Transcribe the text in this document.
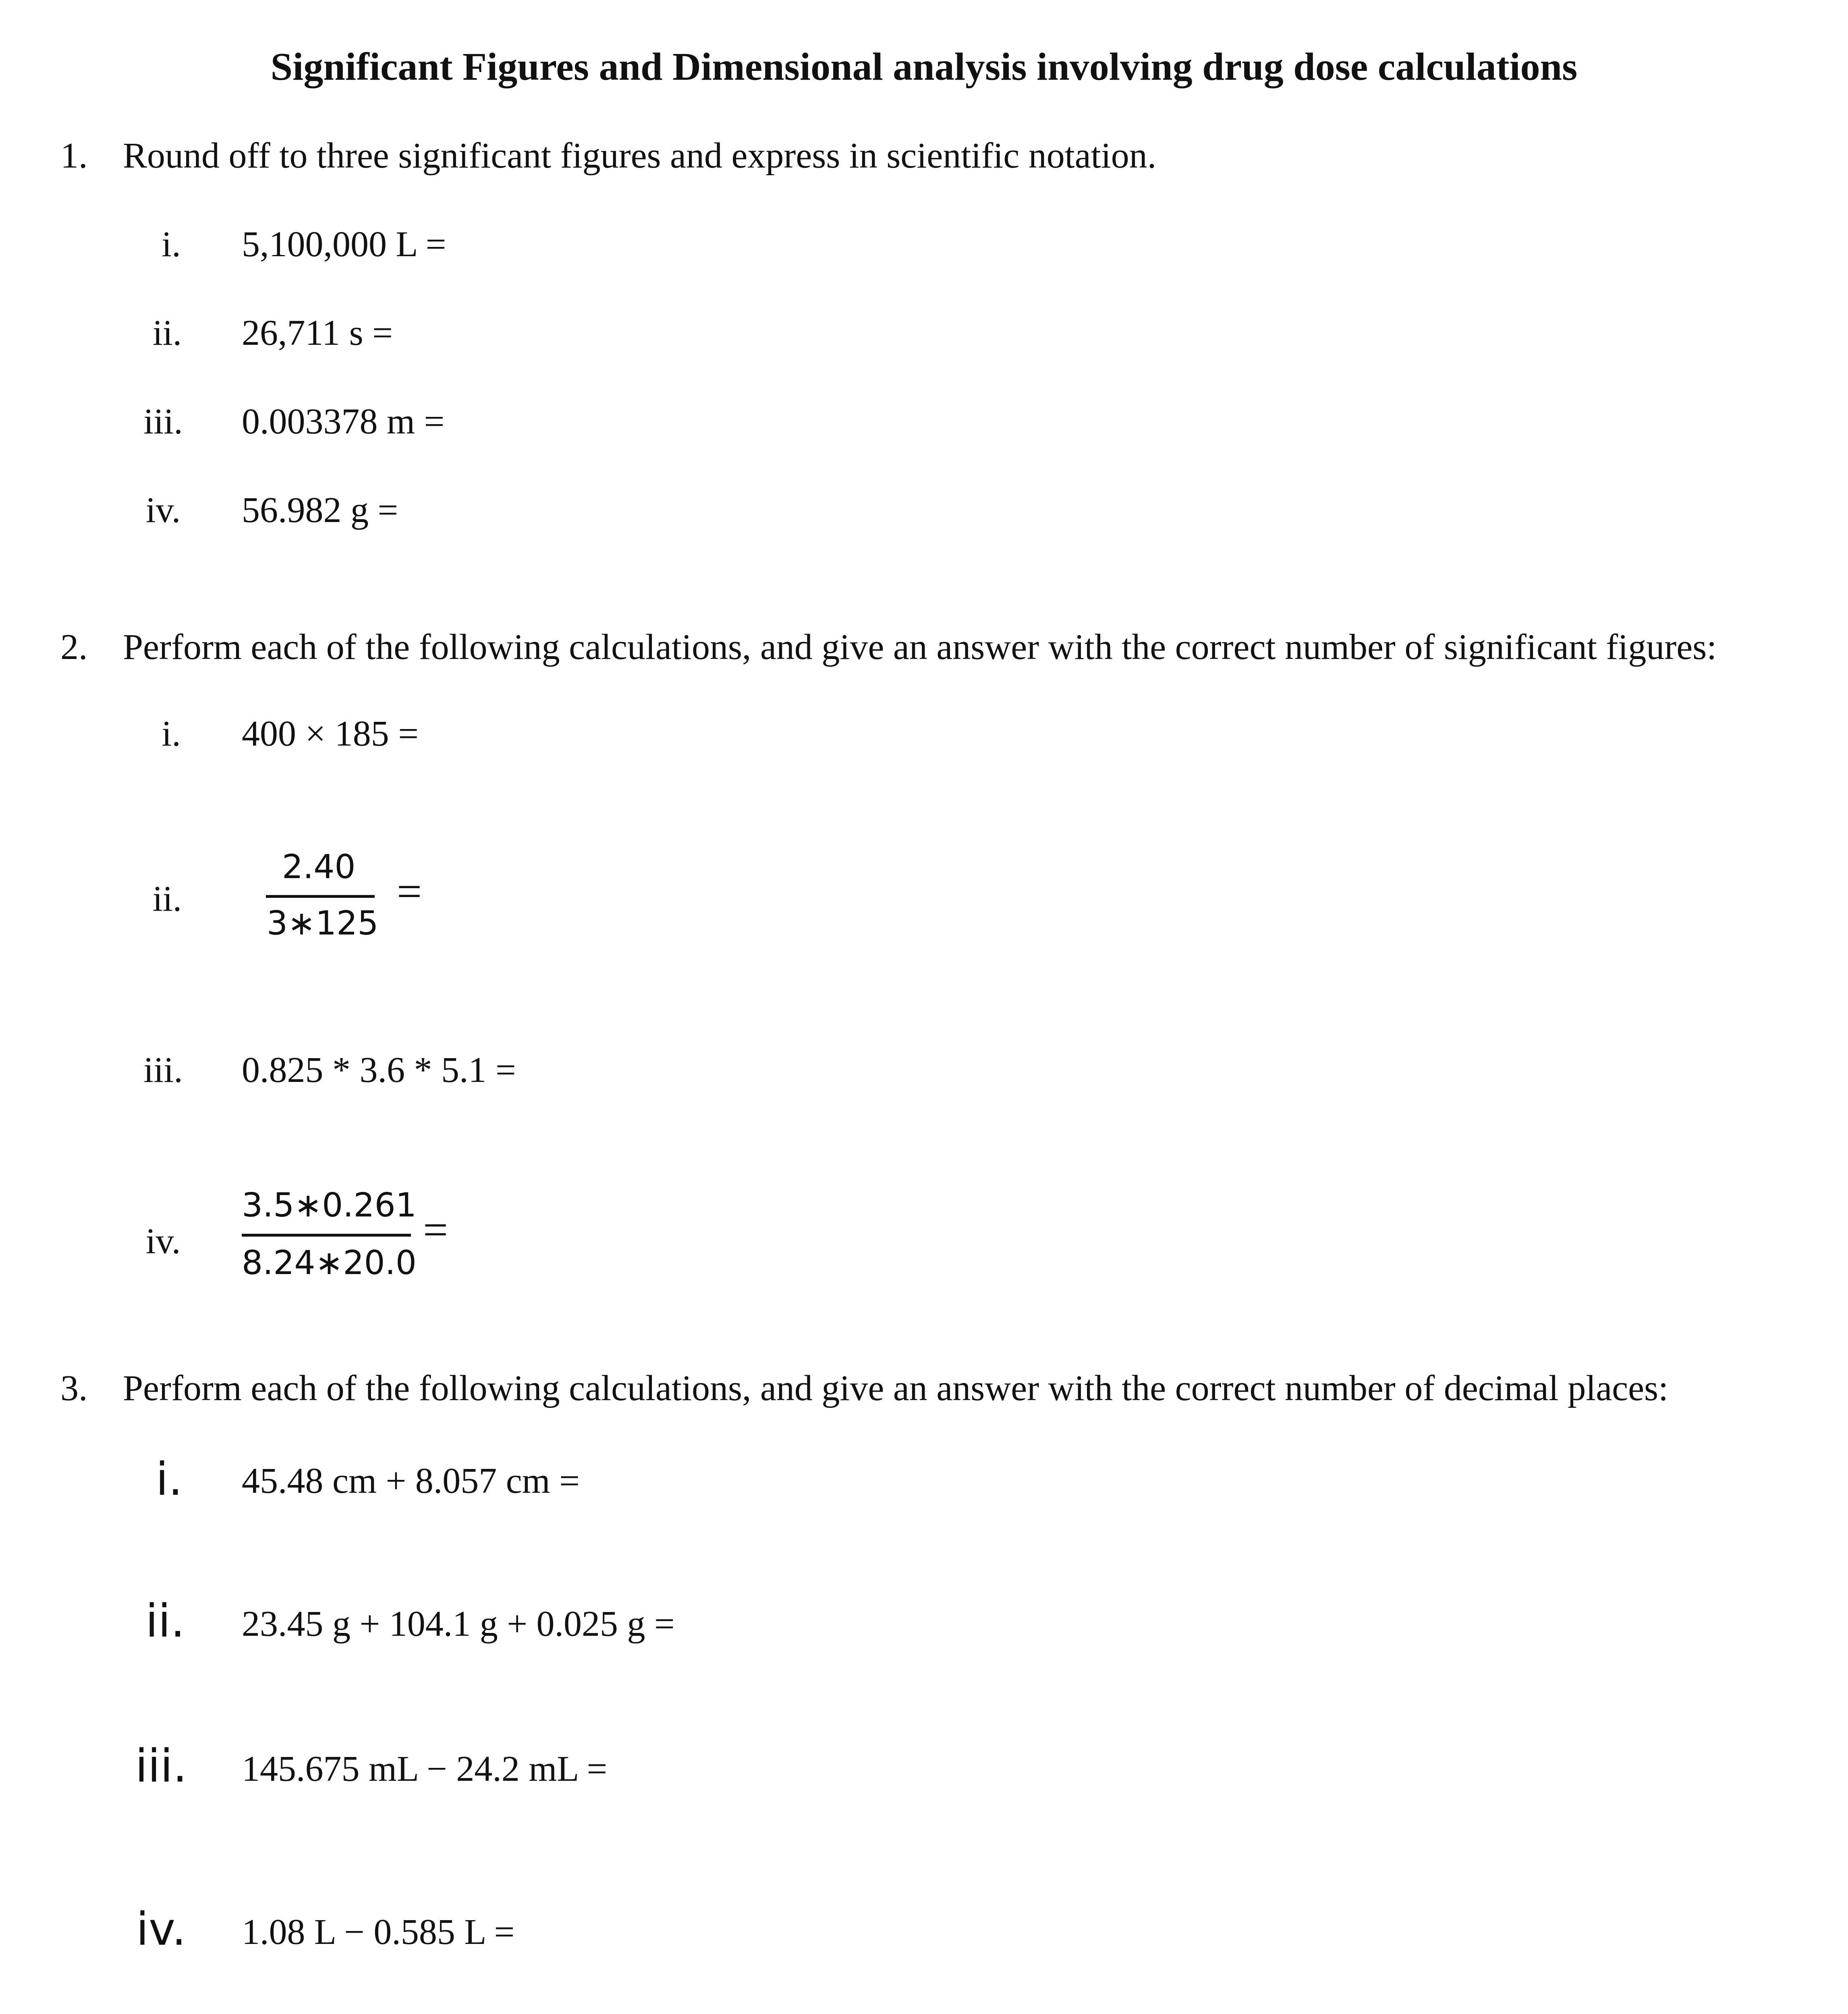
Significant Figures and Dimensional analysis involving drug dose calculations
1. Round off to three significant figures and express in scientific notation.
i.	5,100,000 L =
ii.	26,711 s =
iii.	0.003378 m =
iv.	56.982 g =
2. Perform each of the following calculations, and give an answer with the correct number of significant figures:
i.	400 × 185 =
ii.
2.40
3∗125
=
iii.	0.825 * 3.6 * 5.1 =
iv.
3.5∗0.261
8.24∗20.0
=
3. Perform each of the following calculations, and give an answer with the correct number of decimal places:
i.	45.48 cm + 8.057 cm =
ii.	23.45 g + 104.1 g + 0.025 g =
iii.	145.675 mL − 24.2 mL =
iv.	1.08 L − 0.585 L =
